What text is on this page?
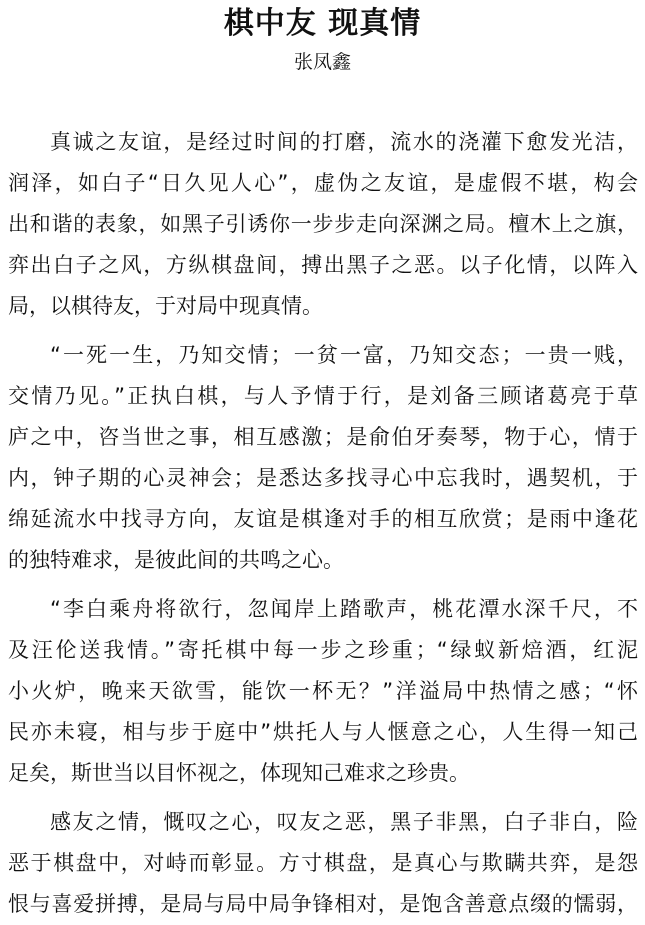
棋中友 现真情
张凤鑫
真诚之友谊，是经过时间的打磨，流水的浇灌下愈发光洁，
润泽，如白子“日久见人心”，虚伪之友谊，是虚假不堪，构会
出和谐的表象，如黑子引诱你一步步走向深渊之局。檀木上之旗，
弈出白子之风，方纵棋盘间，搏出黑子之恶。以子化情，以阵入
局，以棋待友，于对局中现真情。
“一死一生，乃知交情；一贫一富，乃知交态；一贵一贱，
交情乃见。”正执白棋，与人予情于行，是刘备三顾诸葛亮于草
庐之中，咨当世之事，相互感激；是俞伯牙奏琴，物于心，情于
内，钟子期的心灵神会；是悉达多找寻心中忘我时，遇契机，于
绵延流水中找寻方向，友谊是棋逢对手的相互欣赏；是雨中逢花
的独特难求，是彼此间的共鸣之心。
“李白乘舟将欲行，忽闻岸上踏歌声，桃花潭水深千尺，不
及汪伦送我情。”寄托棋中每一步之珍重；“绿蚁新焙酒，红泥
小火炉，晚来天欲雪，能饮一杯无？”洋溢局中热情之感；“怀
民亦未寝，相与步于庭中”烘托人与人惬意之心，人生得一知己
足矣，斯世当以目怀视之，体现知己难求之珍贵。
感友之情，慨叹之心，叹友之恶，黑子非黑，白子非白，险
恶于棋盘中，对峙而彰显。方寸棋盘，是真心与欺瞒共弈，是怨
恨与喜爱拼搏，是局与局中局争锋相对，是饱含善意点缀的懦弱，
